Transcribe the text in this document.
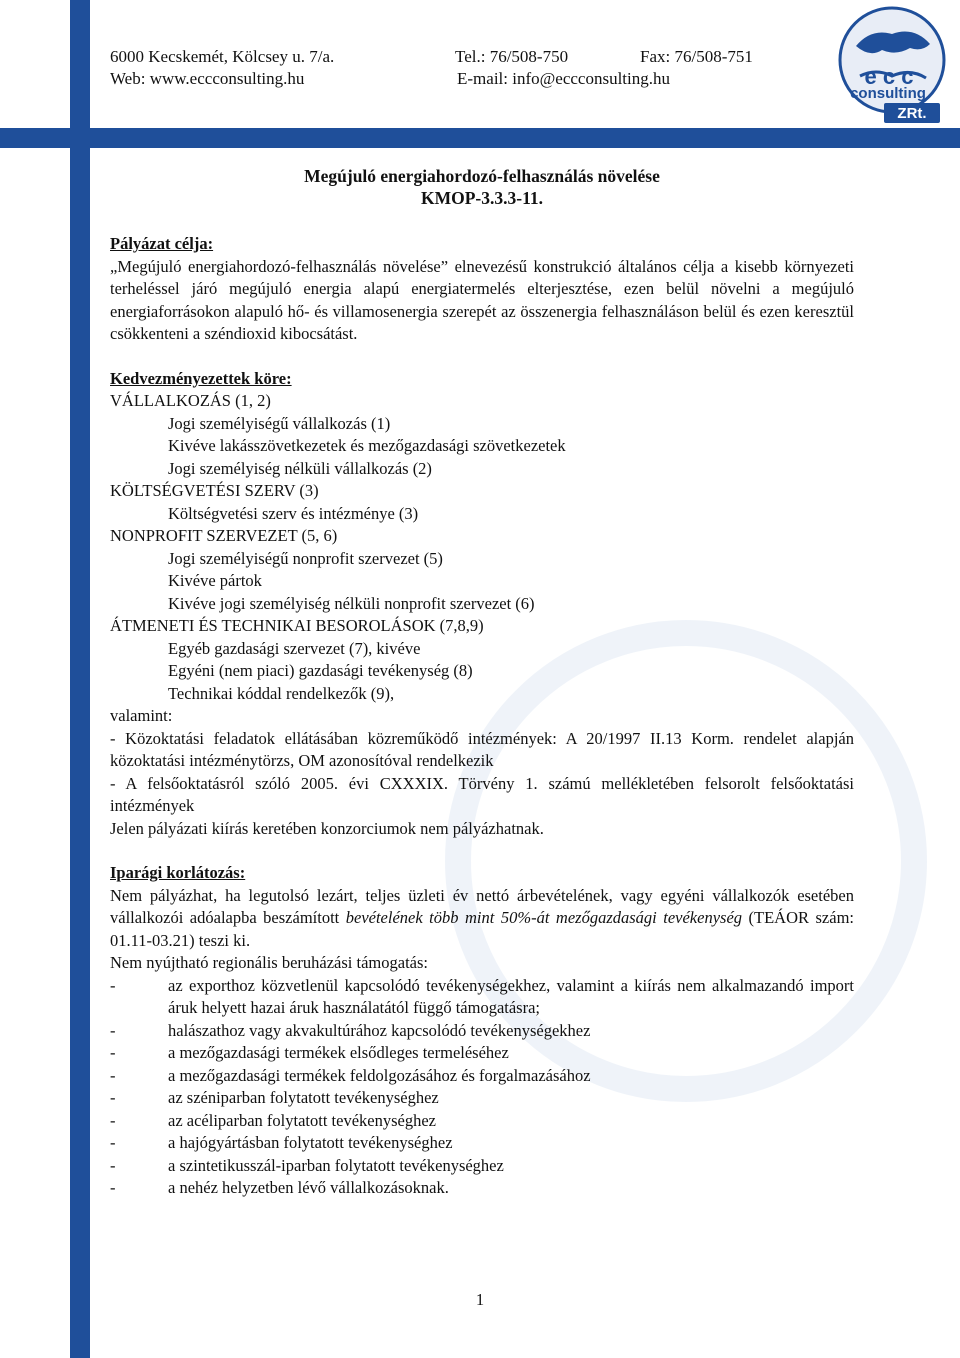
6000 Kecskemét, Kölcsey u. 7/a.	Tel.: 76/508-750	Fax: 76/508-751
Web: www.eccconsulting.hu	E-mail: info@eccconsulting.hu	e c c
consulting
ZRt.
Megújuló energiahordozó-felhasználás növelése
KMOP-3.3.3-11.
Pályázat célja:
„Megújuló energiahordozó-felhasználás növelése” elnevezésű konstrukció általános célja a kisebb környezeti terheléssel járó megújuló energia alapú energiatermelés elterjesztése, ezen belül növelni a megújuló energiaforrásokon alapuló hő- és villamosenergia szerepét az összenergia felhasználáson belül és ezen keresztül csökkenteni a széndioxid kibocsátást.
Kedvezményezettek köre:
VÁLLALKOZÁS (1, 2)
Jogi személyiségű vállalkozás (1)
Kivéve lakásszövetkezetek és mezőgazdasági szövetkezetek
Jogi személyiség nélküli vállalkozás (2)
KÖLTSÉGVETÉSI SZERV (3)
Költségvetési szerv és intézménye (3)
NONPROFIT SZERVEZET (5, 6)
Jogi személyiségű nonprofit szervezet (5)
Kivéve pártok
Kivéve jogi személyiség nélküli nonprofit szervezet (6)
ÁTMENETI ÉS TECHNIKAI BESOROLÁSOK (7,8,9)
Egyéb gazdasági szervezet (7), kivéve
Egyéni (nem piaci) gazdasági tevékenység (8)
Technikai kóddal rendelkezők (9),
valamint:
- Közoktatási feladatok ellátásában közreműködő intézmények: A 20/1997 II.13 Korm. rendelet alapján közoktatási intézménytörzs, OM azonosítóval rendelkezik
- A felsőoktatásról szóló 2005. évi CXXXIX. Törvény 1. számú mellékletében felsorolt felsőoktatási intézmények
Jelen pályázati kiírás keretében konzorciumok nem pályázhatnak.
Iparági korlátozás:
Nem pályázhat, ha legutolsó lezárt, teljes üzleti év nettó árbevételének, vagy egyéni vállalkozók esetében vállalkozói adóalapba beszámított bevételének több mint 50%-át mezőgazdasági tevékenység (TEÁOR szám: 01.11-03.21) teszi ki.
Nem nyújtható regionális beruházási támogatás:
-	az exporthoz közvetlenül kapcsolódó tevékenységekhez, valamint a kiírás nem alkalmazandó import áruk helyett hazai áruk használatától függő támogatásra;
-	halászathoz vagy akvakultúrához kapcsolódó tevékenységekhez
-	a mezőgazdasági termékek elsődleges termeléséhez
-	a mezőgazdasági termékek feldolgozásához és forgalmazásához
-	az széniparban folytatott tevékenységhez
-	az acéliparban folytatott tevékenységhez
-	a hajógyártásban folytatott tevékenységhez
-	a szintetikusszál-iparban folytatott tevékenységhez
-	a nehéz helyzetben lévő vállalkozásoknak.
1
